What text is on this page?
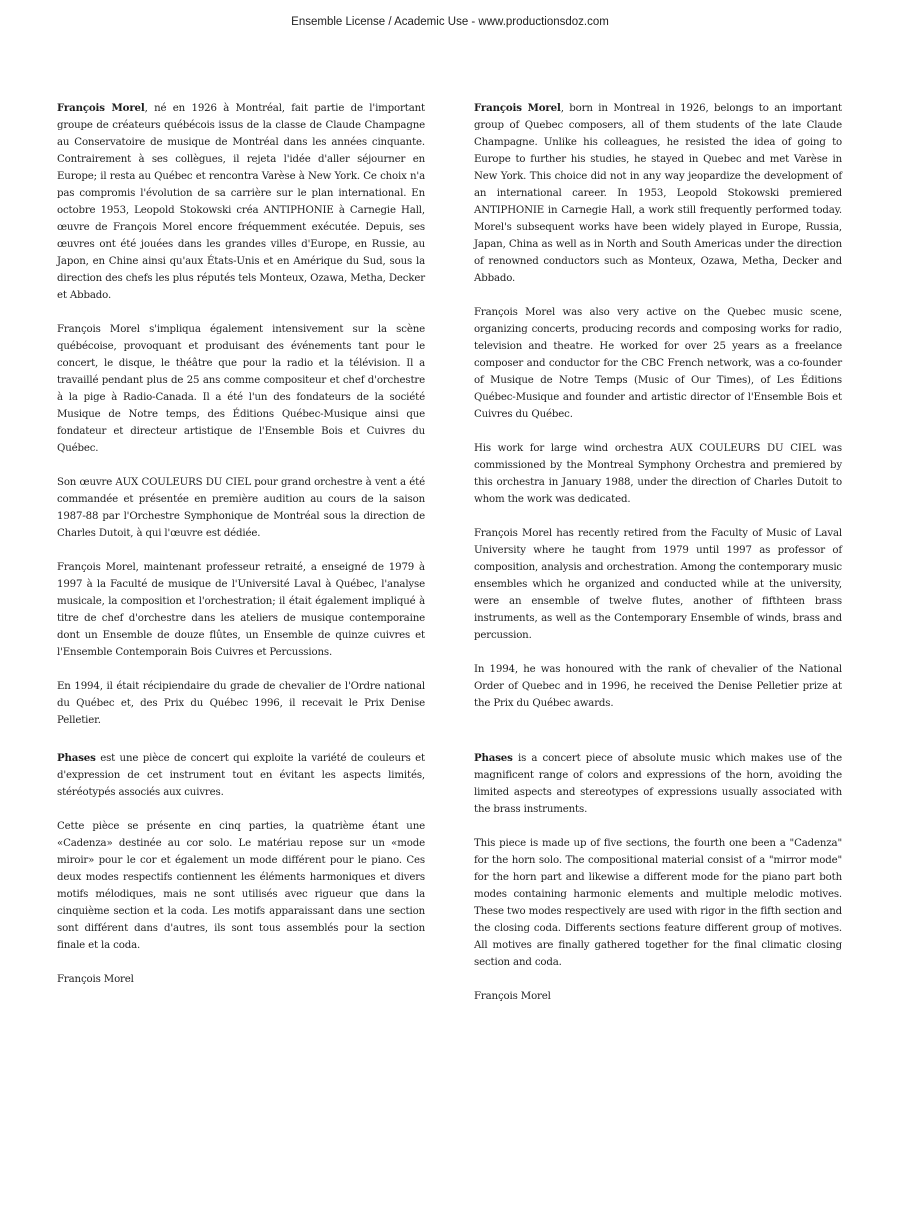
Ensemble License / Academic Use - www.productionsdoz.com

François Morel, né en 1926 à Montréal, fait partie de l'important groupe de créateurs québécois issus de la classe de Claude Champagne au Conservatoire de musique de Montréal dans les années cinquante. Contrairement à ses collègues, il rejeta l'idée d'aller séjourner en Europe; il resta au Québec et rencontra Varèse à New York. Ce choix n'a pas compromis l'évolution de sa carrière sur le plan international. En octobre 1953, Leopold Stokowski créa ANTIPHONIE à Carnegie Hall, œuvre de François Morel encore fréquemment exécutée. Depuis, ses œuvres ont été jouées dans les grandes villes d'Europe, en Russie, au Japon, en Chine ainsi qu'aux États-Unis et en Amérique du Sud, sous la direction des chefs les plus réputés tels Monteux, Ozawa, Metha, Decker et Abbado.

François Morel s'impliqua également intensivement sur la scène québécoise, provoquant et produisant des événements tant pour le concert, le disque, le théâtre que pour la radio et la télévision. Il a travaillé pendant plus de 25 ans comme compositeur et chef d'orchestre à la pige à Radio-Canada. Il a été l'un des fondateurs de la société Musique de Notre temps, des Éditions Québec-Musique ainsi que fondateur et directeur artistique de l'Ensemble Bois et Cuivres du Québec.

Son œuvre AUX COULEURS DU CIEL pour grand orchestre à vent a été commandée et présentée en première audition au cours de la saison 1987-88 par l'Orchestre Symphonique de Montréal sous la direction de Charles Dutoit, à qui l'œuvre est dédiée.

François Morel, maintenant professeur retraité, a enseigné de 1979 à 1997 à la Faculté de musique de l'Université Laval à Québec, l'analyse musicale, la composition et l'orchestration; il était également impliqué à titre de chef d'orchestre dans les ateliers de musique contemporaine dont un Ensemble de douze flûtes, un Ensemble de quinze cuivres et l'Ensemble Contemporain Bois Cuivres et Percussions.

En 1994, il était récipiendaire du grade de chevalier de l'Ordre national du Québec et, des Prix du Québec 1996, il recevait le Prix Denise Pelletier.

François Morel, born in Montreal in 1926, belongs to an important group of Quebec composers, all of them students of the late Claude Champagne. Unlike his colleagues, he resisted the idea of going to Europe to further his studies, he stayed in Quebec and met Varèse in New York. This choice did not in any way jeopardize the development of an international career. In 1953, Leopold Stokowski premiered ANTIPHONIE in Carnegie Hall, a work still frequently performed today. Morel's subsequent works have been widely played in Europe, Russia, Japan, China as well as in North and South Americas under the direction of renowned conductors such as Monteux, Ozawa, Metha, Decker and Abbado.

François Morel was also very active on the Quebec music scene, organizing concerts, producing records and composing works for radio, television and theatre. He worked for over 25 years as a freelance composer and conductor for the CBC French network, was a co-founder of Musique de Notre Temps (Music of Our Times), of Les Éditions Québec-Musique and founder and artistic director of l'Ensemble Bois et Cuivres du Québec.

His work for large wind orchestra AUX COULEURS DU CIEL was commissioned by the Montreal Symphony Orchestra and premiered by this orchestra in January 1988, under the direction of Charles Dutoit to whom the work was dedicated.

François Morel has recently retired from the Faculty of Music of Laval University where he taught from 1979 until 1997 as professor of composition, analysis and orchestration. Among the contemporary music ensembles which he organized and conducted while at the university, were an ensemble of twelve flutes, another of fifthteen brass instruments, as well as the Contemporary Ensemble of winds, brass and percussion.

In 1994, he was honoured with the rank of chevalier of the National Order of Quebec and in 1996, he received the Denise Pelletier prize at the Prix du Québec awards.

Phases est une pièce de concert qui exploite la variété de couleurs et d'expression de cet instrument tout en évitant les aspects limités, stéréotypés associés aux cuivres.

Cette pièce se présente en cinq parties, la quatrième étant une «Cadenza» destinée au cor solo. Le matériau repose sur un «mode miroir» pour le cor et également un mode différent pour le piano. Ces deux modes respectifs contiennent les éléments harmoniques et divers motifs mélodiques, mais ne sont utilisés avec rigueur que dans la cinquième section et la coda. Les motifs apparaissant dans une section sont différent dans d'autres, ils sont tous assemblés pour la section finale et la coda.

François Morel

Phases is a concert piece of absolute music which makes use of the magnificent range of colors and expressions of the horn, avoiding the limited aspects and stereotypes of expressions usually associated with the brass instruments.

This piece is made up of five sections, the fourth one been a "Cadenza" for the horn solo. The compositional material consist of a "mirror mode" for the horn part and likewise a different mode for the piano part both modes containing harmonic elements and multiple melodic motives. These two modes respectively are used with rigor in the fifth section and the closing coda. Differents sections feature different group of motives. All motives are finally gathered together for the final climatic closing section and coda.

François Morel
